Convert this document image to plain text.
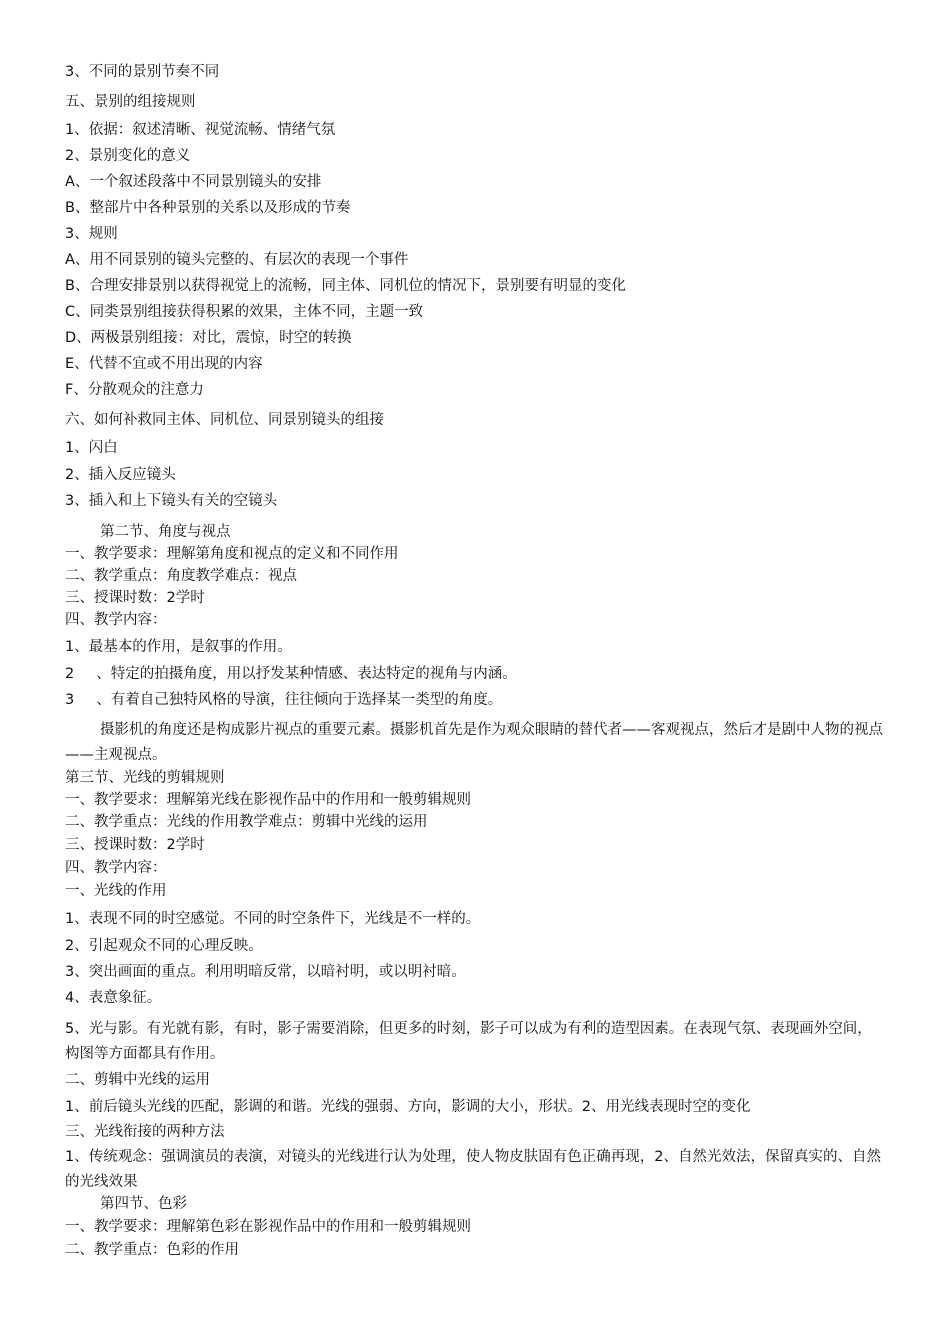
3、不同的景别节奏不同
五、景别的组接规则
1、依据：叙述清晰、视觉流畅、情绪气氛
2、景别变化的意义
A、一个叙述段落中不同景别镜头的安排
B、整部片中各种景别的关系以及形成的节奏
3、规则
A、用不同景别的镜头完整的、有层次的表现一个事件
B、合理安排景别以获得视觉上的流畅，同主体、同机位的情况下，景别要有明显的变化
C、同类景别组接获得积累的效果，主体不同，主题一致
D、两极景别组接：对比，震惊，时空的转换
E、代替不宜或不用出现的内容
F、分散观众的注意力
六、如何补救同主体、同机位、同景别镜头的组接
1、闪白
2、插入反应镜头
3、插入和上下镜头有关的空镜头
第二节、角度与视点
一、教学要求：理解第角度和视点的定义和不同作用
二、教学重点：角度教学难点：视点
三、授课时数：2学时
四、教学内容：
1、最基本的作用，是叙事的作用。
2 、特定的拍摄角度，用以抒发某种情感、表达特定的视角与内涵。
3 、有着自己独特风格的导演，往往倾向于选择某一类型的角度。
摄影机的角度还是构成影片视点的重要元素。摄影机首先是作为观众眼睛的替代者——客观视点，然后才是剧中人物的视点——主观视点。
第三节、光线的剪辑规则
一、教学要求：理解第光线在影视作品中的作用和一般剪辑规则
二、教学重点：光线的作用教学难点：剪辑中光线的运用
三、授课时数：2学时
四、教学内容：
一、光线的作用
1、表现不同的时空感觉。不同的时空条件下，光线是不一样的。
2、引起观众不同的心理反映。
3、突出画面的重点。利用明暗反常，以暗衬明，或以明衬暗。
4、表意象征。
5、光与影。有光就有影，有时，影子需要消除，但更多的时刻，影子可以成为有利的造型因素。在表现气氛、表现画外空间，构图等方面都具有作用。
二、剪辑中光线的运用
1、前后镜头光线的匹配，影调的和谐。光线的强弱、方向，影调的大小，形状。2、用光线表现时空的变化
三、光线衔接的两种方法
1、传统观念：强调演员的表演，对镜头的光线进行认为处理，使人物皮肤固有色正确再现，2、自然光效法，保留真实的、自然的光线效果
第四节、色彩
一、教学要求：理解第色彩在影视作品中的作用和一般剪辑规则
二、教学重点：色彩的作用
